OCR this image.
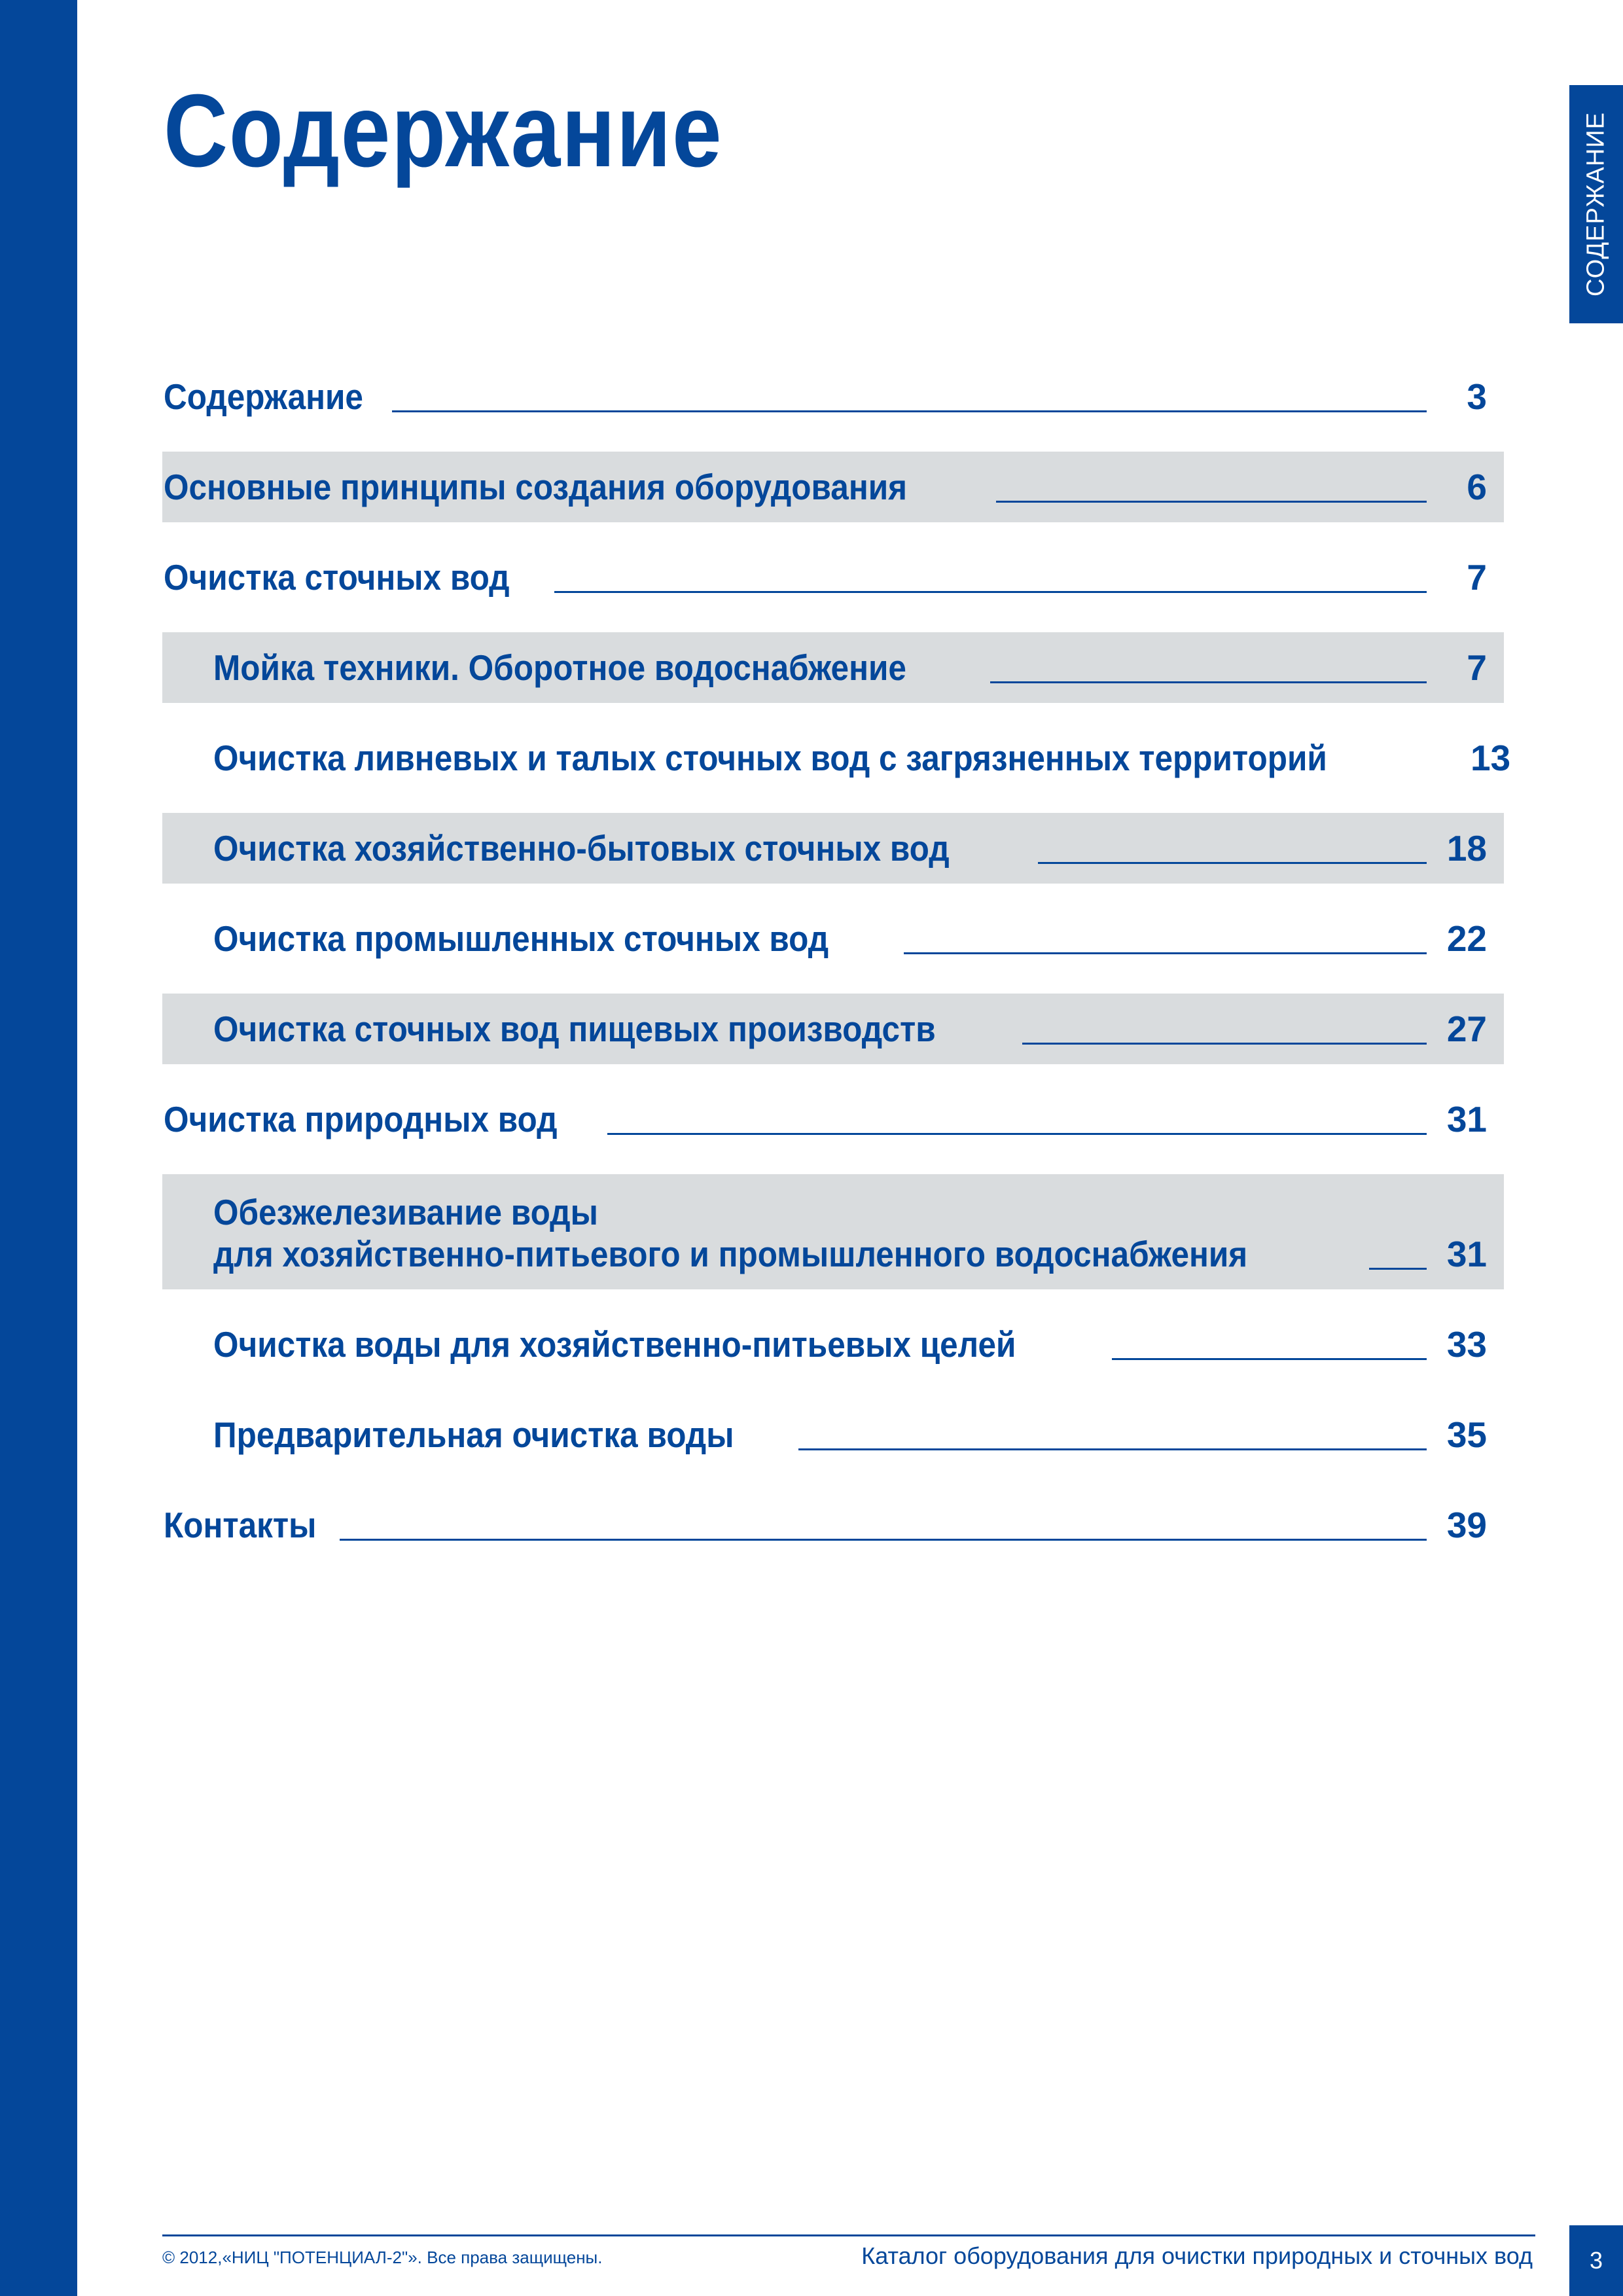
СОДЕРЖАНИЕ
Содержание
Содержание	3
Основные принципы создания оборудования	6
Очистка сточных вод	7
Мойка техники. Оборотное водоснабжение	7
Очистка ливневых и талых сточных вод с загрязненных территорий	13
Очистка хозяйственно-бытовых сточных вод	18
Очистка промышленных сточных вод	22
Очистка сточных вод пищевых производств	27
Очистка природных вод	31
Обезжелезивание воды
для хозяйственно-питьевого и промышленного водоснабжения	31
Очистка воды для хозяйственно-питьевых целей	33
Предварительная очистка воды	35
Контакты	39
© 2012,«НИЦ "ПОТЕНЦИАЛ-2"». Все права защищены.	Каталог оборудования для очистки природных и сточных вод	3
